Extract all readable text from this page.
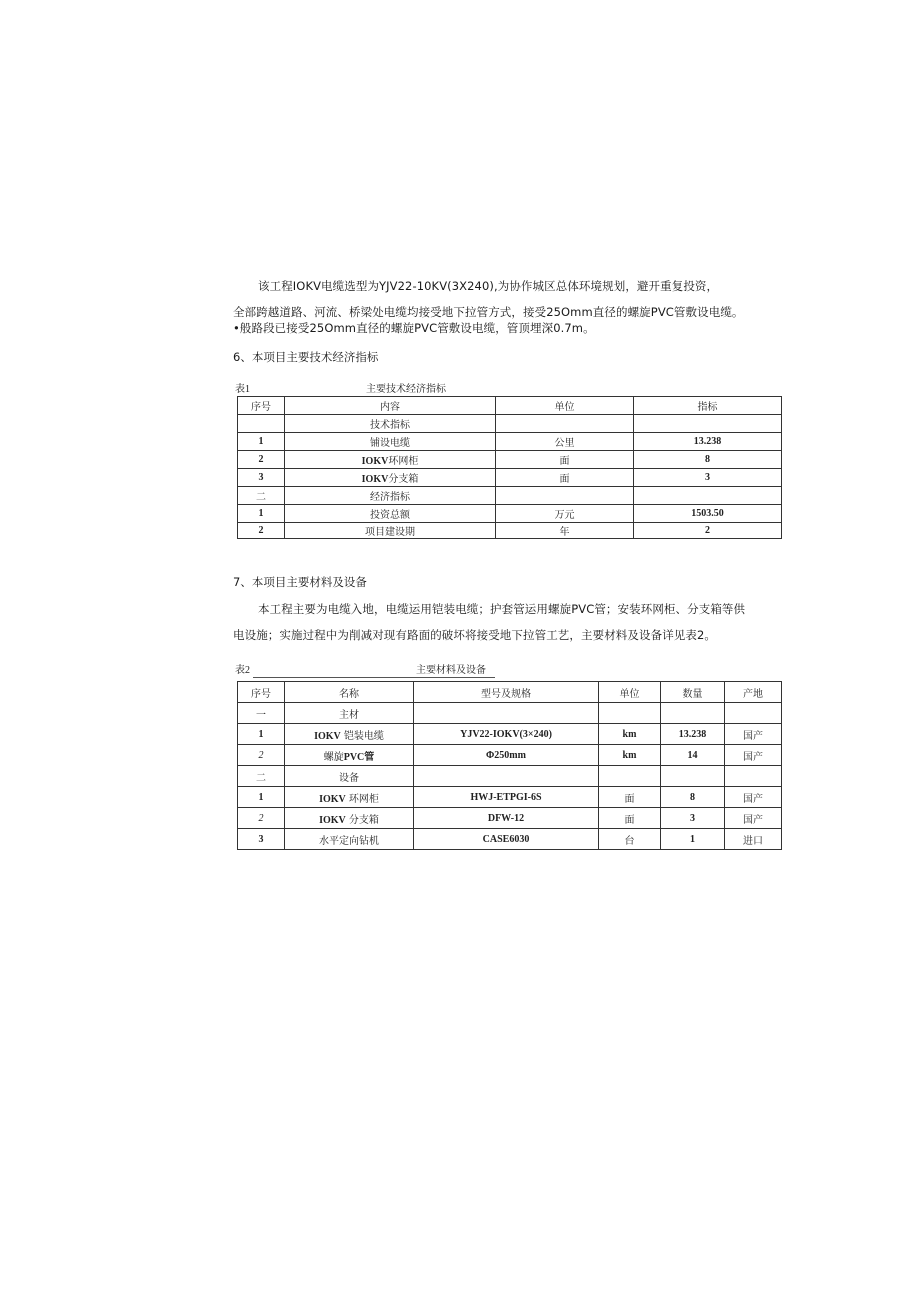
该工程IOKV电缆选型为YJV22-10KV(3X240),为协作城区总体环境规划，避开重复投资，
全部跨越道路、河流、桥梁处电缆均接受地下拉管方式，接受25Omm直径的螺旋PVC管敷设电缆。
•般路段已接受25Omm直径的螺旋PVC管敷设电缆，管顶埋深0.7m。
6、本项目主要技术经济指标
表1	主要技术经济指标
序号	内容	单位	指标
	技术指标		
1	铺设电缆	公里	13.238
2	IOKV环网柜	面	8
3	IOKV分支箱	面	3
二	经济指标		
1	投资总额	万元	1503.50
2	项目建设期	年	2
7、本项目主要材料及设备
本工程主要为电缆入地，电缆运用铠装电缆；护套管运用螺旋PVC管；安装环网柜、分支箱等供
电设施；实施过程中为削减对现有路面的破坏将接受地下拉管工艺，主要材料及设备详见表2。
表2	主要材料及设备
序号	名称	型号及规格	单位	数量	产地
一	主材				
1	IOKV 铠装电缆	YJV22-IOKV(3×240)	km	13.238	国产
2	螺旋PVC管	Φ250mm	km	14	国产
二	设备				
1	IOKV 环网柜	HWJ-ETPGI-6S	面	8	国产
2	IOKV 分支箱	DFW-12	面	3	国产
3	水平定向钻机	CASE6030	台	1	进口
